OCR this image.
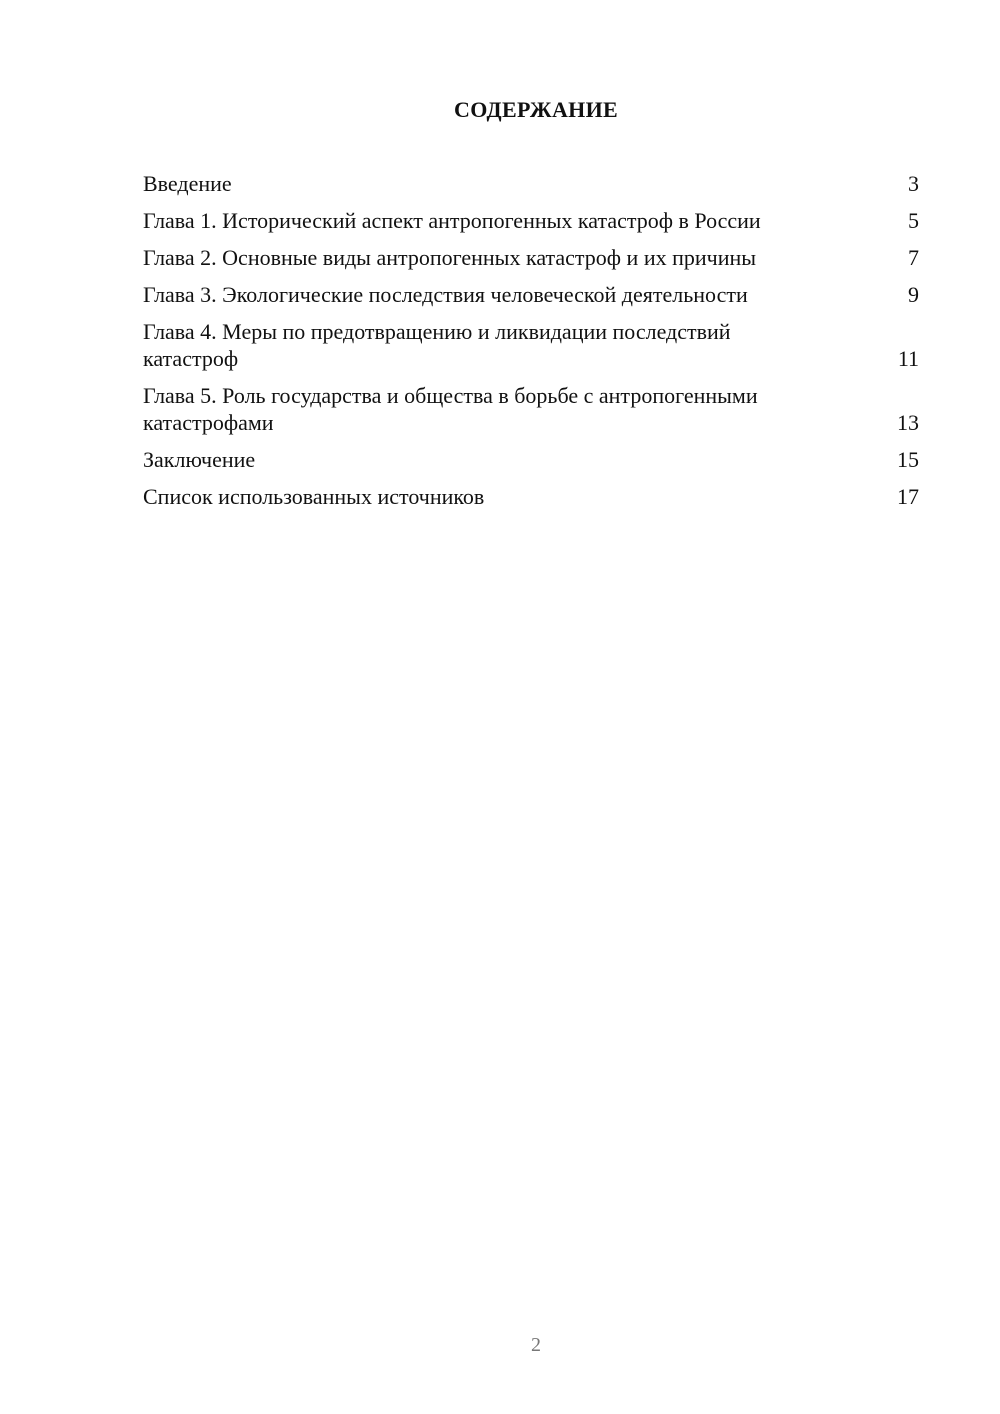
СОДЕРЖАНИЕ
Введение	3
Глава 1. Исторический аспект антропогенных катастроф в России	5
Глава 2. Основные виды антропогенных катастроф и их причины	7
Глава 3. Экологические последствия человеческой деятельности	9
Глава 4. Меры по предотвращению и ликвидации последствий катастроф	11
Глава 5. Роль государства и общества в борьбе с антропогенными катастрофами	13
Заключение	15
Список использованных источников	17
2
